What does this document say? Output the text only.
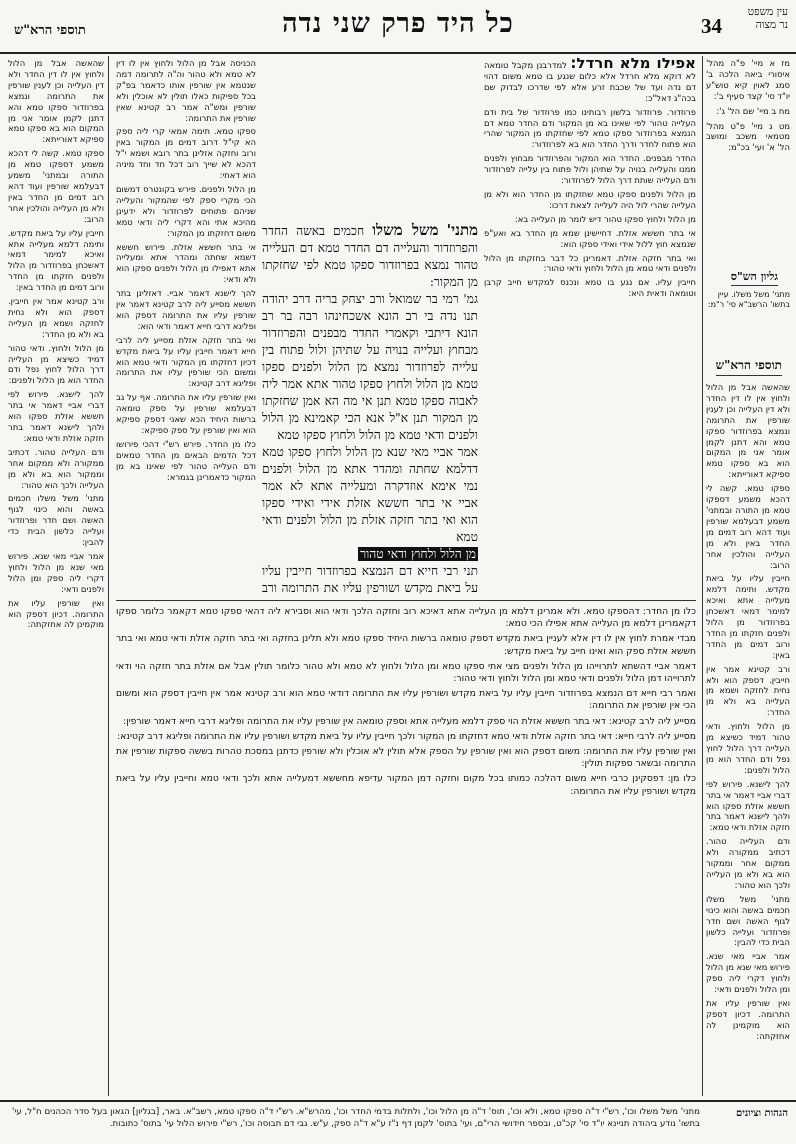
תוספי הרא"ש	כל היד פרק שני נדה	34
עין משפט
נר מצוה

מז א מיי' פ"ה מהל' איסורי ביאה הלכה ב' סמג לאוין קיא טוש"ע יו"ד סי' קצד סעיף ב':

מח ב מיי' שם הל' ג':

מט ג מיי' פ"ט מהל' מטמאי משכב ומושב הל' א' ועי' בכ"מ:

גליון הש"ס
מתני' משל משלו. עיין בתשו' הרשב"א סי' ר"מ:
תוספי הרא"ש

שהאשה אבל מן הלול ולחוץ אין לו דין החדר ולא דין העלייה וכן לענין שורפין את התרומה ונמצא בפרוזדור ספקו טמא והא דתנן לקמן אומר אני מן המקום הוא בא ספקו טמא ספיקא דאורייתא:

ספקו טמא. קשה לי דהכא משמע דספקו טמא מן התורה ובמתני' משמע דבעלמא שורפין ועוד דהא רוב דמים מן החדר באין ולא מן העלייה והולכין אחר הרוב:

חייבין עליו על ביאת מקדש. ותימה דלמא מעלייה אתא ואיכא למימר דמאי דאשכחן בפרוזדור מן הלול ולפנים חזקתו מן החדר ורוב דמים מן החדר באין:

ורב קטינא אמר אין חייבין. דספק הוא ולא נחית לחזקה ושמא מן העלייה בא ולא מן החדר:

מן הלול ולחוץ. ודאי טהור דמיד כשיצא מן העלייה דרך הלול לחוץ נפל ודם החדר הוא מן הלול ולפנים:

להך לישנא. פירוש לפי דברי אביי דאמר אי בתר חששא אזלת ספקו הוא ולהך לישנא דאמר בתר חזקה אזלת ודאי טמא:

ודם העלייה טהור. דכתיב ממקורה ולא ממקום אחר וממקור הוא בא ולא מן העלייה ולכך הוא טהור:

מתני' משל משלו חכמים באשה והוא כינוי לגוף האשה ושם חדר ופרוזדור ועלייה כלשון הבית כדי להבין:

אמר אביי מאי שנא. פירוש מאי שנא מן הלול ולחוץ דקרי ליה ספק ומן הלול ולפנים ודאי:

ואין שורפין עליו את התרומה. דכיון דספק הוא מוקמינן לה אחזקתה:

אפילו מלא חרדל: למדרבנן מקבל טומאה לא דוקא מלא חרדל אלא כלום שנגע בו טמא משום דהוי דם נדה ועד של שכבת זרע אלא לפי שדרכו לבדוק שם בכה"ג דאל"כ:

פרוזדור. פרוזדור בלשון רבותינו כמו פרוזדור של בית ודם העלייה טהור לפי שאינו בא מן המקור ודם החדר טמא דם הנמצא בפרוזדור ספקו טמא לפי שחזקתו מן המקור שהרי הוא פתוח לחדר ודרך החדר הוא בא לפרוזדור:

החדר מבפנים. החדר הוא המקור והפרוזדור מבחוץ ולפנים ממנו והעלייה בנויה על שתיהן ולול פתוח בין עלייה לפרוזדור ודם העלייה שותת דרך הלול לפרוזדור:

מן הלול ולפנים ספקו טמא שחזקתו מן החדר הוא ולא מן העלייה שהרי לול היה לעלייה לצאת דרכו:

מן הלול ולחוץ ספקו טהור דיש לומר מן העלייה בא:

אי בתר חששא אזלת. דחיישינן שמא מן החדר בא ואע"פ שנמצא חוץ ללול אידי ואידי ספקו הוא:

ואי בתר חזקה אזלת. דאמרינן כל דבר בחזקתו מן הלול ולפנים ודאי טמא מן הלול ולחוץ ודאי טהור:

חייבין עליו. אם נגע בו טמא ונכנס למקדש חייב קרבן וטומאה ודאית היא:

מתני' משל משלו חכמים באשה החדר והפרוזדור והעלייה דם החדר טמא דם העלייה טהור נמצא בפרוזדור ספקו טמא לפי שחזקתו מן המקור:

גמ' רמי בר שמואל ורב יצחק בריה דרב יהודה תנו נדה בי רב הונא אשכחינהו רבה בר רב הונא דיתבי וקאמרי החדר מבפנים והפרוזדור מבחוץ ועלייה בנויה על שתיהן ולול פתוח בין עלייה לפרוזדור נמצא מן הלול ולפנים ספקו טמא מן הלול ולחוץ ספקו טהור אתא אמר ליה לאבוה ספקו טמא תנן אי מה הא אמן שחזקתו מן המקור תנן א"ל אנא הכי קאמינא מן הלול ולפנים ודאי טמא מן הלול ולחוץ ספקו טמא

אמר אביי מאי שנא מן הלול ולחוץ ספקו טמא דדלמא שחתה ומהדר אתא מן הלול ולפנים נמי אימא אוזדקרה ומעלייה אתא לא אמר אביי אי בתר חששא אזלת אידי ואידי ספקו הוא ואי בתר חזקה אזלת מן הלול ולפנים ודאי טמא

מן הלול ולחוץ ודאי טהור

תני רבי חייא דם הנמצא בפרוזדור חייבין עליו על ביאת מקדש ושורפין עליו את התרומה ורב

הכניסה אבל מן הלול ולחוץ אין לו דין לא טמא ולא טהור וה"ה לתרומה דמה שנטמא אין שורפין אותו כדאמר בפ"ק בכל ספיקות כאלו תולין לא אוכלין ולא שורפין ומש"ה אמר רב קטינא שאין שורפין את התרומה:

ספקו טמא. תימה אמאי קרי ליה ספק הא קי"ל דרוב דמים מן המקור באין ורוב וחזקה אזלינן בתר רובא ושמא י"ל דהכא לא שייך רוב דכל חד וחד מיניה הוא דאתי:

מן הלול ולפנים. פירש בקונטרס דמשום הכי מקרי ספק לפי שהמקור והעלייה שניהם פתוחים לפרוזדור ולא ידעינן מהיכא אתי והא דקרי ליה ודאי טמא משום דחזקתו מן המקור:

אי בתר חששא אזלת. פירוש חששא דשמא שחתה ומהדר אתא ומעלייה אתא דאפילו מן הלול ולפנים ספקו הוא ולא ודאי:

להך לישנא דאמר אביי. דאזלינן בתר חששא מסייע ליה לרב קטינא דאמר אין שורפין עליו את התרומה דספק הוא ופליגא דרבי חייא דאמר ודאי הוא:

ואי בתר חזקה אזלת מסייע ליה לרבי חייא דאמר חייבין עליו על ביאת מקדש דכיון דחזקתו מן המקור ודאי טמא הוא ומשום הכי שורפין עליו את התרומה ופליגא דרב קטינא:

ואין שורפין עליו את התרומה. אף על גב דבעלמא שורפין על ספק טומאה ברשות היחיד הכא שאני דספק ספיקא הוא ואין שורפין על ספק ספיקא:

כלו מן החדר. פירש רש"י דהכי פירושו דכל הדמים הבאים מן החדר טמאים ודם העלייה טהור לפי שאינו בא מן המקור כדאמרינן בגמרא:

שהאשה אבל מן הלול ולחוץ אין לו דין החדר ולא דין העלייה וכן לענין שורפין את התרומה ונמצא בפרוזדור ספקו טמא והא דתנן לקמן אומר אני מן המקום הוא בא ספקו טמא ספיקא דאורייתא:

ספקו טמא. קשה לי דהכא משמע דספקו טמא מן התורה ובמתני' משמע דבעלמא שורפין ועוד דהא רוב דמים מן החדר באין ולא מן העלייה והולכין אחר הרוב:

חייבין עליו על ביאת מקדש. ותימה דלמא מעלייה אתא ואיכא למימר דמאי דאשכחן בפרוזדור מן הלול ולפנים חזקתו מן החדר ורוב דמים מן החדר באין:

ורב קטינא אמר אין חייבין. דספק הוא ולא נחית לחזקה ושמא מן העלייה בא ולא מן החדר:

מן הלול ולחוץ. ודאי טהור דמיד כשיצא מן העלייה דרך הלול לחוץ נפל ודם החדר הוא מן הלול ולפנים:

להך לישנא. פירוש לפי דברי אביי דאמר אי בתר חששא אזלת ספקו הוא ולהך לישנא דאמר בתר חזקה אזלת ודאי טמא:

ודם העלייה טהור. דכתיב ממקורה ולא ממקום אחר וממקור הוא בא ולא מן העלייה ולכך הוא טהור:

מתני' משל משלו חכמים באשה והוא כינוי לגוף האשה ושם חדר ופרוזדור ועלייה כלשון הבית כדי להבין:

אמר אביי מאי שנא. פירוש מאי שנא מן הלול ולחוץ דקרי ליה ספק ומן הלול ולפנים ודאי:

ואין שורפין עליו את התרומה. דכיון דספק הוא מוקמינן לה אחזקתה:

כלו מן החדר: דהספקו טמא. ולא אמרינן דלמא מן העלייה אתא דאיכא רוב וחזקה הלכך ודאי הוא וסבירא ליה דהאי ספקו טמא דקאמר כלומר ספקו דקאמרינן דלמא מן העלייה אתא אפילו הכי טמא:

מבדי אמרת לחוץ אין לו דין אלא לעניין ביאת מקדש דספק טומאה ברשות היחיד ספקו טמא ולא תלינן בחזקה ואי בתר חזקה אזלת ודאי טמא ואי בתר חששא אזלת ספק הוא ואינו חייב על ביאת מקדש:

דאמר אביי דהשתא לתרוייהו מן הלול ולפנים מצי אתי ספקו טמא ומן הלול ולחוץ לא טמא ולא טהור כלומר תולין אבל אם אזלת בתר חזקה הוי ודאי לתרוייהו דמן הלול ולפנים ודאי טמא ומן הלול ולחוץ ודאי טהור:

ואמר רבי חייא דם הנמצא בפרוזדור חייבין עליו על ביאת מקדש ושורפין עליו את התרומה דודאי טמא הוא ורב קטינא אמר אין חייבין דספק הוא ומשום הכי אין שורפין את התרומה:

מסייע ליה לרב קטינא: דאי בתר חששא אזלת הוי ספק דלמא מעלייה אתא וספק טומאה אין שורפין עליו את התרומה ופליגא דרבי חייא דאמר שורפין:

מסייע ליה לרבי חייא: דאי בתר חזקה אזלת ודאי טמא דחזקתו מן המקור ולכך חייבין עליו על ביאת מקדש ושורפין עליו את התרומה ופליגא דרב קטינא:

ואין שורפין עליו את התרומה: משום דספק הוא ואין שורפין על הספק אלא תולין לא אוכלין ולא שורפין כדתנן במסכת טהרות בששה ספקות שורפין את התרומה ובשאר ספקות תולין:

כלו מן: דפסקינן כרבי חייא משום דהלכה כמותו בכל מקום וחזקה דמן המקור עדיפא מחששא דמעלייה אתא ולכך ודאי טמא וחייבין עליו על ביאת מקדש ושורפין עליו את התרומה:

הגהות וציונים
מתני' משל משלו וכו', רש"י ד"ה ספקו טמא, ולא וכו', תוס' ד"ה מן הלול וכו', ולתלות בדמי החדר וכו', מהרש"א. רש"י ד"ה ספקו טמא, רשב"א. באר, [בגליון] הגאון בעל סדר הכהנים ח"ל, עי' בתשו' נודע ביהודה תניינא יו"ד סי' קכ"ט, ובספר חידושי הרי"ם, ועי' בתוס' לקמן דף נ"ז ע"א ד"ה ספק, ע"ש. גבי דם תבוסה וכו', רש"י פירוש הלול עי' בתוס' כתובות.
